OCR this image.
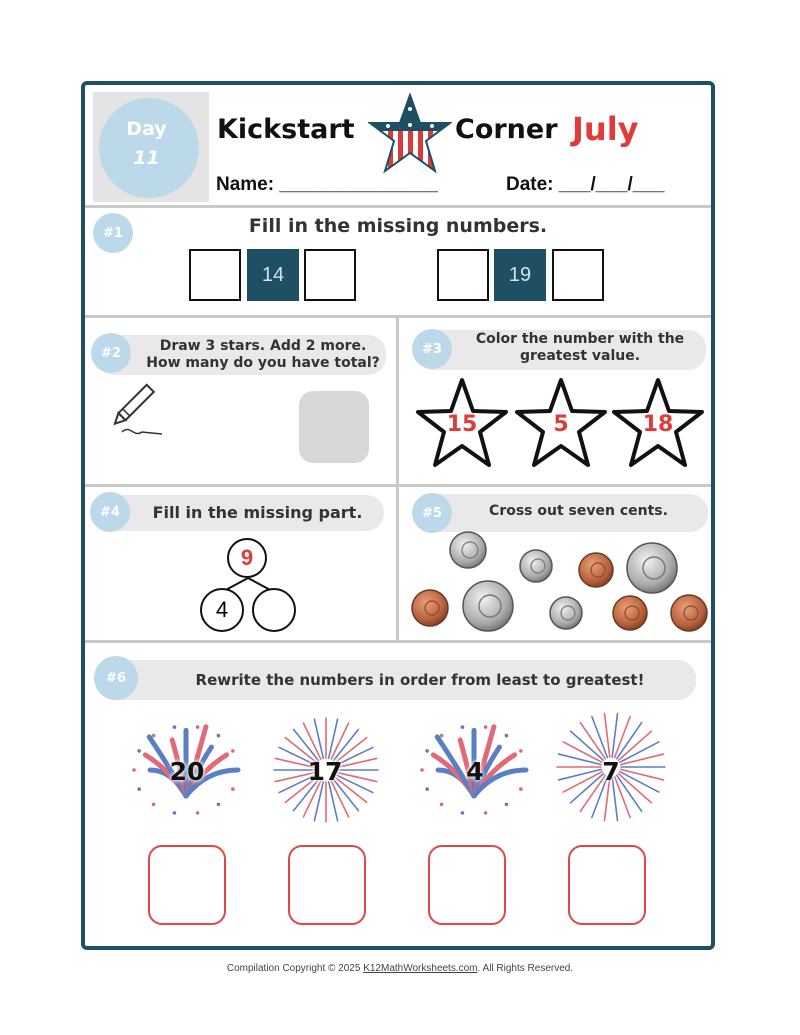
Day
11
Kickstart	Corner July
Name: _______________	Date: ___/___/___
#1	Fill in the missing numbers.
14	19
#2	Draw 3 stars. Add 2 more.
How many do you have total?
#3
Color the number with the
greatest value.
15	5	18
#4	Fill in the missing part.
9
4
#5	Cross out seven cents.
#6	Rewrite the numbers in order from least to greatest!
20	17	4	7
Compilation Copyright © 2025 K12MathWorksheets.com. All Rights Reserved.
